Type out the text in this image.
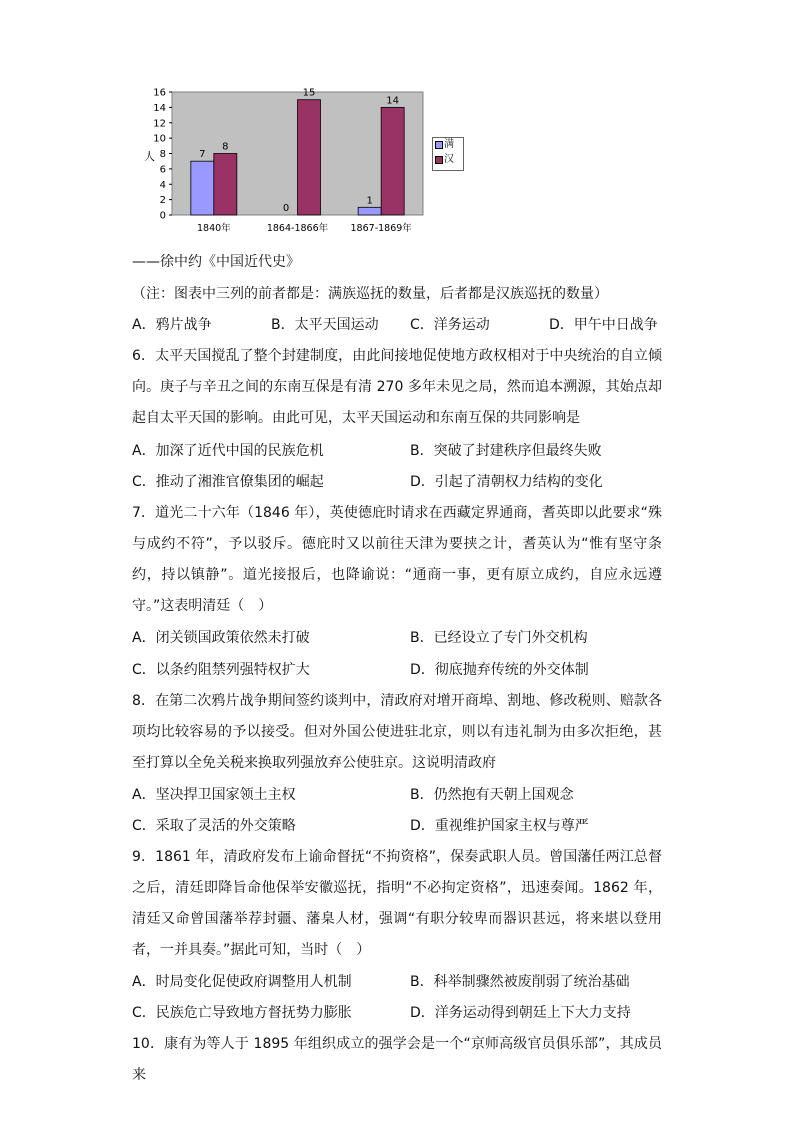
0
2
4
6
8
10
12
14
16
7
8
0
15
1
14
1840年	1864-1866年 1867-1869年
人
满
汉
——徐中约《中国近代史》
（注：图表中三列的前者都是：满族巡抚的数量，后者都是汉族巡抚的数量）
A．鸦片战争	B．太平天国运动 C．洋务运动	D．甲午中日战争

6．太平天国搅乱了整个封建制度，由此间接地促使地方政权相对于中央统治的自立倾向。庚子与辛丑之间的东南互保是有清 270 多年未见之局，然而追本溯源，其始点却起自太平天国的影响。由此可见，太平天国运动和东南互保的共同影响是

A．加深了近代中国的民族危机	B．突破了封建秩序但最终失败
C．推动了湘淮官僚集团的崛起	D．引起了清朝权力结构的变化

7．道光二十六年（1846 年），英使德庇时请求在西藏定界通商，耆英即以此要求“殊与成约不符”，予以驳斥。德庇时又以前往天津为要挟之计，耆英认为“惟有坚守条约，持以镇静”。道光接报后，也降谕说：“通商一事，更有原立成约，自应永远遵守。”这表明清廷（　）

A．闭关锁国政策依然未打破	B．已经设立了专门外交机构
C．以条约阻禁列强特权扩大	D．彻底抛弃传统的外交体制

8．在第二次鸦片战争期间签约谈判中，清政府对增开商埠、割地、修改税则、赔款各项均比较容易的予以接受。但对外国公使进驻北京，则以有违礼制为由多次拒绝，甚至打算以全免关税来换取列强放弃公使驻京。这说明清政府

A．坚决捍卫国家领土主权	B．仍然抱有天朝上国观念
C．采取了灵活的外交策略	D．重视维护国家主权与尊严

9．1861 年，清政府发布上谕命督抚“不拘资格”，保奏武职人员。曾国藩任两江总督之后，清廷即降旨命他保举安徽巡抚，指明“不必拘定资格”，迅速奏闻。1862 年，清廷又命曾国藩举荐封疆、藩臬人材，强调“有职分较卑而器识甚远，将来堪以登用者，一并具奏。”据此可知，当时（　）

A．时局变化促使政府调整用人机制	B．科举制骤然被废削弱了统治基础
C．民族危亡导致地方督抚势力膨胀	D．洋务运动得到朝廷上下大力支持

10．康有为等人于 1895 年组织成立的强学会是一个“京师高级官员俱乐部”，其成员来
